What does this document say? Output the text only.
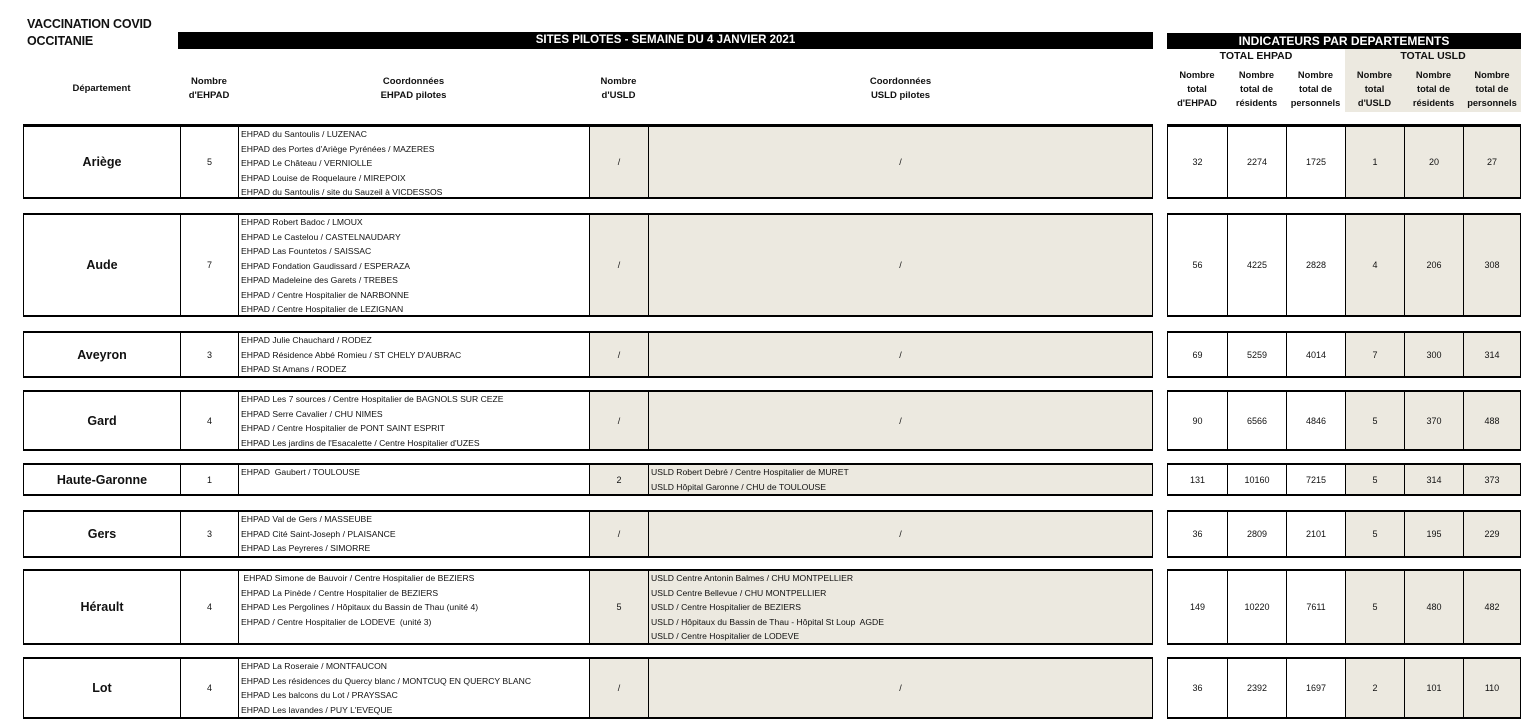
VACCINATION COVID
OCCITANIE	SITES PILOTES - SEMAINE DU 4 JANVIER 2021	INDICATEURS PAR DEPARTEMENTS
TOTAL EHPAD	TOTAL USLD
Département
Nombre
d'EHPAD
Coordonnées
EHPAD pilotes
Nombre
d'USLD
Coordonnées
USLD pilotes
Nombre
total
d'EHPAD
Nombre
total de
résidents
Nombre
total de
personnels
Nombre
total
d'USLD
Nombre
total de
résidents
Nombre
total de
personnels
Ariège	5
EHPAD du Santoulis / LUZENAC
EHPAD des Portes d'Ariège Pyrénées / MAZERES
EHPAD Le Château / VERNIOLLE
EHPAD Louise de Roquelaure / MIREPOIX
EHPAD du Santoulis / site du Sauzeil à VICDESSOS
/	/	32	2274	1725	1	20	27
Aude	7
EHPAD Robert Badoc / LMOUX
EHPAD Le Castelou / CASTELNAUDARY
EHPAD Las Fountetos / SAISSAC
EHPAD Fondation Gaudissard / ESPERAZA
EHPAD Madeleine des Garets / TREBES
EHPAD / Centre Hospitalier de NARBONNE
EHPAD / Centre Hospitalier de LEZIGNAN
/	/	56	4225	2828	4	206	308
Aveyron	3
EHPAD Julie Chauchard / RODEZ
EHPAD Résidence Abbé Romieu / ST CHELY D'AUBRAC
EHPAD St Amans / RODEZ
/	/	69	5259	4014	7	300	314
Gard	4
EHPAD Les 7 sources / Centre Hospitalier de BAGNOLS SUR CEZE
EHPAD Serre Cavalier / CHU NIMES
EHPAD / Centre Hospitalier de PONT SAINT ESPRIT
EHPAD Les jardins de l'Esacalette / Centre Hospitalier d'UZES
/	/	90	6566	4846	5	370	488
Haute-Garonne	1
EHPAD  Gaubert / TOULOUSE
2
USLD Robert Debré / Centre Hospitalier de MURET
USLD Hôpital Garonne / CHU de TOULOUSE
131	10160	7215	5	314	373
Gers	3
EHPAD Val de Gers / MASSEUBE
EHPAD Cité Saint-Joseph / PLAISANCE
EHPAD Las Peyreres / SIMORRE
/	/	36	2809	2101	5	195	229
Hérault	4
EHPAD Simone de Bauvoir / Centre Hospitalier de BEZIERS
EHPAD La Pinède / Centre Hospitalier de BEZIERS
EHPAD Les Pergolines / Hôpitaux du Bassin de Thau (unité 4)
EHPAD / Centre Hospitalier de LODEVE  (unité 3)
5
USLD Centre Antonin Balmes / CHU MONTPELLIER
USLD Centre Bellevue / CHU MONTPELLIER
USLD / Centre Hospitalier de BEZIERS
USLD / Hôpitaux du Bassin de Thau - Hôpital St Loup  AGDE
USLD / Centre Hospitalier de LODEVE
149	10220	7611	5	480	482
Lot	4
EHPAD La Roseraie / MONTFAUCON
EHPAD Les résidences du Quercy blanc / MONTCUQ EN QUERCY BLANC
EHPAD Les balcons du Lot / PRAYSSAC
EHPAD Les lavandes / PUY L'EVEQUE
/	/	36	2392	1697	2	101	110
